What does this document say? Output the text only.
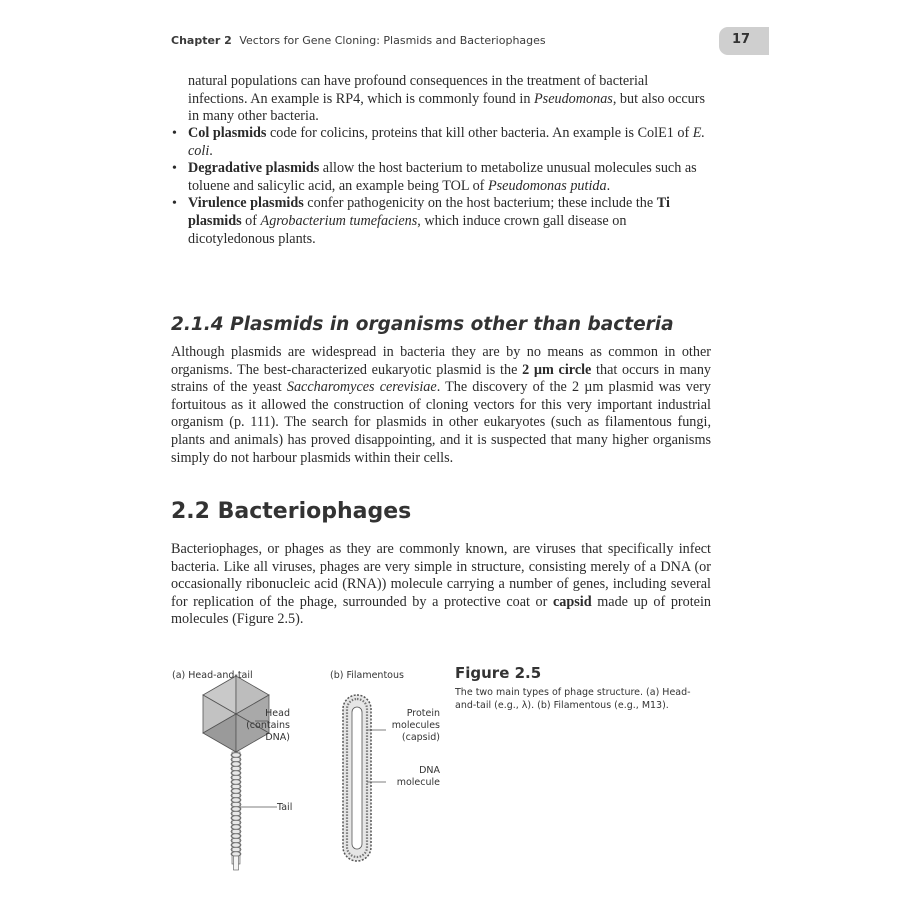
Chapter 2 Vectors for Gene Cloning: Plasmids and Bacteriophages	17
natural populations can have profound consequences in the treatment of bacterial infections. An example is RP4, which is commonly found in Pseudomonas, but also occurs in many other bacteria.
• Col plasmids code for colicins, proteins that kill other bacteria. An example is ColE1 of E. coli.
• Degradative plasmids allow the host bacterium to metabolize unusual molecules such as toluene and salicylic acid, an example being TOL of Pseudomonas putida.
• Virulence plasmids confer pathogenicity on the host bacterium; these include the Ti plasmids of Agrobacterium tumefaciens, which induce crown gall disease on dicotyledonous plants.
2.1.4 Plasmids in organisms other than bacteria
Although plasmids are widespread in bacteria they are by no means as common in other organisms. The best-characterized eukaryotic plasmid is the 2 µm circle that occurs in many strains of the yeast Saccharomyces cerevisiae. The discovery of the 2 µm plasmid was very fortuitous as it allowed the construction of cloning vectors for this very important industrial organism (p. 111). The search for plasmids in other eukaryotes (such as filamentous fungi, plants and animals) has proved disappointing, and it is suspected that many higher organisms simply do not harbour plasmids within their cells.
2.2 Bacteriophages
Bacteriophages, or phages as they are commonly known, are viruses that specifically infect bacteria. Like all viruses, phages are very simple in structure, consisting merely of a DNA (or occasionally ribonucleic acid (RNA)) molecule carrying a number of genes, including several for replication of the phage, surrounded by a protective coat or capsid made up of protein molecules (Figure 2.5).
(a) Head-and-tail	(b) Filamentous
Head
(contains
DNA)
Tail
Protein
molecules
(capsid)
DNA
molecule
Figure 2.5
The two main types of phage structure. (a) Head-and-tail (e.g., λ). (b) Filamentous (e.g., M13).
